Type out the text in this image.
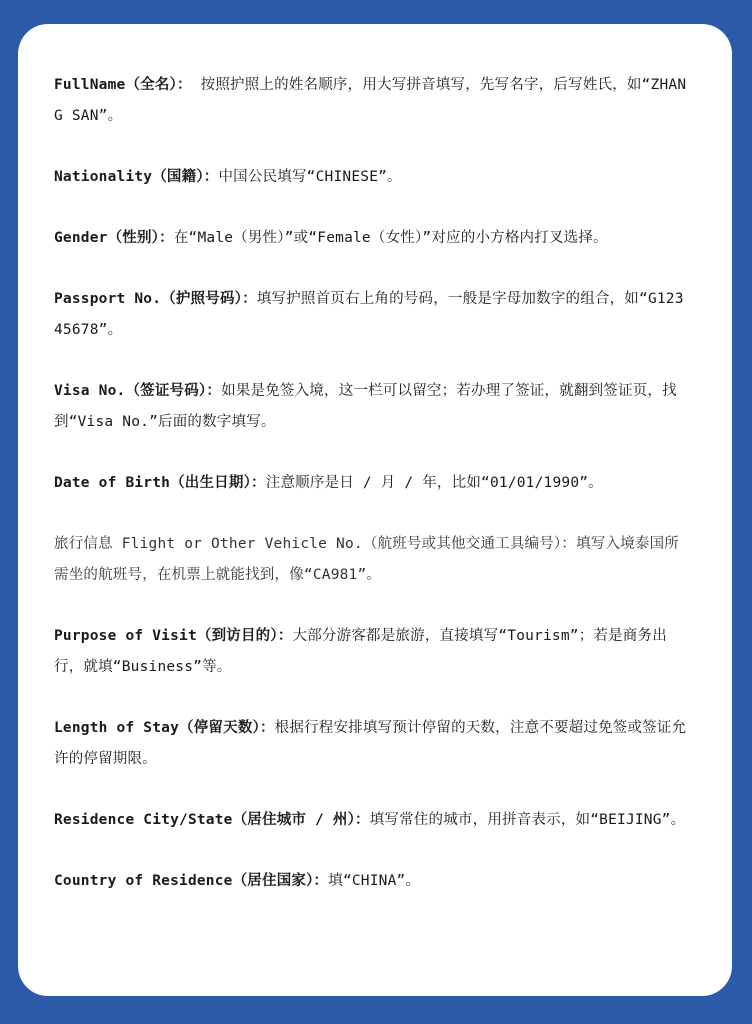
FullName（全名）： 按照护照上的姓名顺序，用大写拼音填写，先写名字，后写姓氏，如“ZHANG SAN”。

Nationality（国籍）：中国公民填写“CHINESE”。

Gender（性别）：在“Male（男性）”或“Female（女性）”对应的小方格内打叉选择。

Passport No.（护照号码）：填写护照首页右上角的号码，一般是字母加数字的组合，如“G12345678”。

Visa No.（签证号码）：如果是免签入境，这一栏可以留空；若办理了签证，就翻到签证页，找到“Visa No.”后面的数字填写。

Date of Birth（出生日期）：注意顺序是日 / 月 / 年，比如“01/01/1990”。

旅行信息 Flight or Other Vehicle No.（航班号或其他交通工具编号）：填写入境泰国所需坐的航班号，在机票上就能找到，像“CA981”。

Purpose of Visit（到访目的）：大部分游客都是旅游，直接填写“Tourism”；若是商务出行，就填“Business”等。

Length of Stay（停留天数）：根据行程安排填写预计停留的天数，注意不要超过免签或签证允许的停留期限。

Residence City/State（居住城市 / 州）：填写常住的城市，用拼音表示，如“BEIJING”。

Country of Residence（居住国家）：填“CHINA”。
